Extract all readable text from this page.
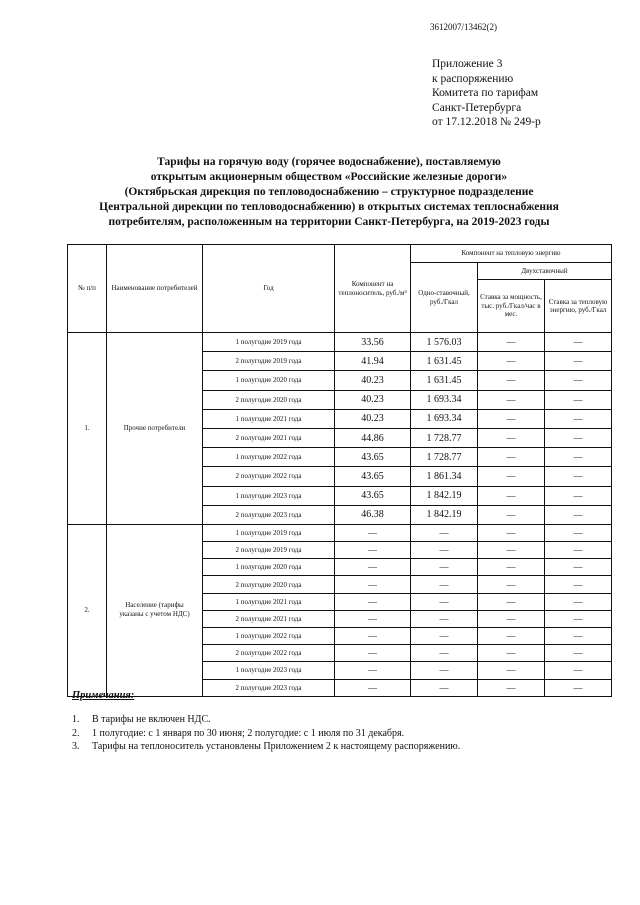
3612007/13462(2)
Приложение 3
к распоряжению
Комитета по тарифам
Санкт-Петербурга
от 17.12.2018 № 249-р
Тарифы на горячую воду (горячее водоснабжение), поставляемую
открытым акционерным обществом «Российские железные дороги»
(Октябрьская дирекция по тепловодоснабжению – структурное подразделение
Центральной дирекции по тепловодоснабжению) в открытых системах теплоснабжения
потребителям, расположенным на территории Санкт-Петербурга, на 2019-2023 годы
№ п/п	Наименование потребителей	Год	Компонент на теплоноситель, руб./м³	Компонент на тепловую энергию		
				Одно-ставочный, руб./Гкал	Двухставочный	
					Ставка за мощность, тыс. руб./Гкал/час в мес.	Ставка за тепловую энергию, руб./Гкал
1.	Прочие потребители	1 полугодие 2019 года	33.56	1 576.03	—	—
		2 полугодие 2019 года	41.94	1 631.45	—	—
		1 полугодие 2020 года	40.23	1 631.45	—	—
		2 полугодие 2020 года	40.23	1 693.34	—	—
		1 полугодие 2021 года	40.23	1 693.34	—	—
		2 полугодие 2021 года	44.86	1 728.77	—	—
		1 полугодие 2022 года	43.65	1 728.77	—	—
		2 полугодие 2022 года	43.65	1 861.34	—	—
		1 полугодие 2023 года	43.65	1 842.19	—	—
		2 полугодие 2023 года	46.38	1 842.19	—	—
2.	Население (тарифы указаны с учетом НДС)	1 полугодие 2019 года	—	—	—	—
		2 полугодие 2019 года	—	—	—	—
		1 полугодие 2020 года	—	—	—	—
		2 полугодие 2020 года	—	—	—	—
		1 полугодие 2021 года	—	—	—	—
		2 полугодие 2021 года	—	—	—	—
		1 полугодие 2022 года	—	—	—	—
		2 полугодие 2022 года	—	—	—	—
		1 полугодие 2023 года	—	—	—	—
		2 полугодие 2023 года	—	—	—	—
Примечания:
1. В тарифы не включен НДС.
2. 1 полугодие: с 1 января по 30 июня; 2 полугодие: с 1 июля по 31 декабря.
3. Тарифы на теплоноситель установлены Приложением 2 к настоящему распоряжению.
